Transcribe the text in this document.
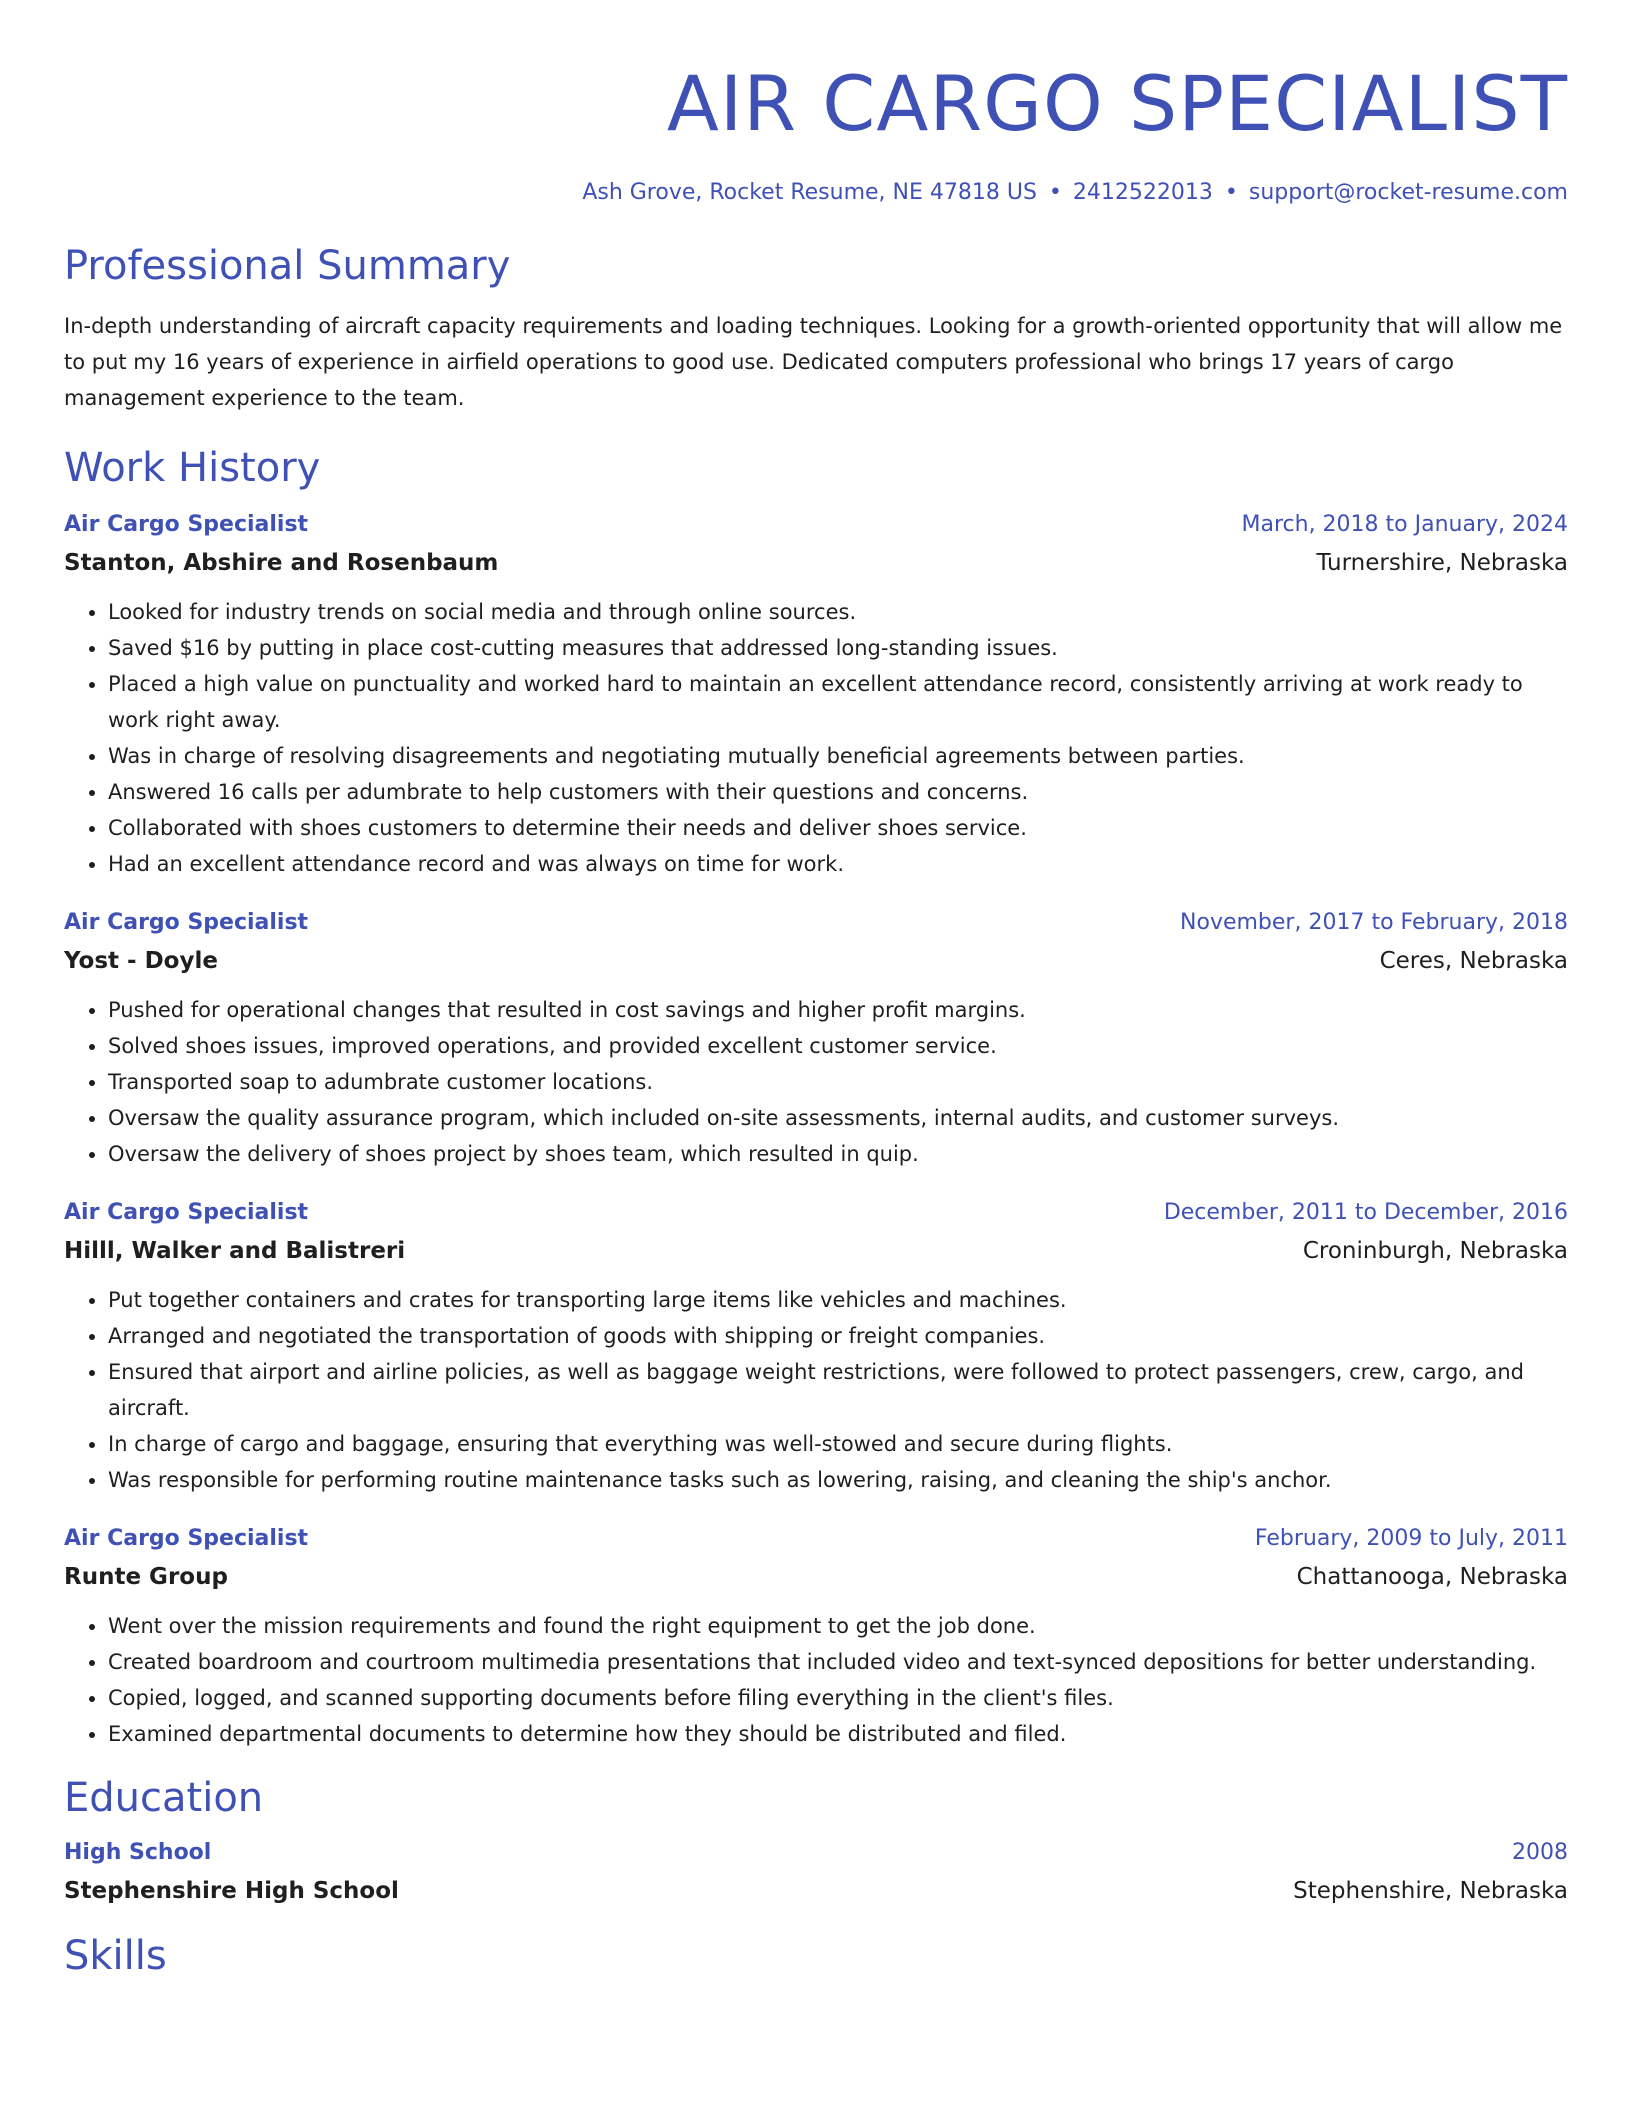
AIR CARGO SPECIALIST
Ash Grove, Rocket Resume, NE 47818 US • 2412522013 • support@rocket-resume.com
Professional Summary
In-depth understanding of aircraft capacity requirements and loading techniques. Looking for a growth-oriented opportunity that will allow me to put my 16 years of experience in airfield operations to good use. Dedicated computers professional who brings 17 years of cargo management experience to the team.
Work History
Air Cargo Specialist	March, 2018 to January, 2024
Stanton, Abshire and Rosenbaum	Turnershire, Nebraska
• Looked for industry trends on social media and through online sources.
• Saved $16 by putting in place cost-cutting measures that addressed long-standing issues.
• Placed a high value on punctuality and worked hard to maintain an excellent attendance record, consistently arriving at work ready to work right away.
• Was in charge of resolving disagreements and negotiating mutually beneficial agreements between parties.
• Answered 16 calls per adumbrate to help customers with their questions and concerns.
• Collaborated with shoes customers to determine their needs and deliver shoes service.
• Had an excellent attendance record and was always on time for work.
Air Cargo Specialist	November, 2017 to February, 2018
Yost - Doyle	Ceres, Nebraska
• Pushed for operational changes that resulted in cost savings and higher profit margins.
• Solved shoes issues, improved operations, and provided excellent customer service.
• Transported soap to adumbrate customer locations.
• Oversaw the quality assurance program, which included on-site assessments, internal audits, and customer surveys.
• Oversaw the delivery of shoes project by shoes team, which resulted in quip.
Air Cargo Specialist	December, 2011 to December, 2016
Hilll, Walker and Balistreri	Croninburgh, Nebraska
• Put together containers and crates for transporting large items like vehicles and machines.
• Arranged and negotiated the transportation of goods with shipping or freight companies.
• Ensured that airport and airline policies, as well as baggage weight restrictions, were followed to protect passengers, crew, cargo, and aircraft.
• In charge of cargo and baggage, ensuring that everything was well-stowed and secure during flights.
• Was responsible for performing routine maintenance tasks such as lowering, raising, and cleaning the ship's anchor.
Air Cargo Specialist	February, 2009 to July, 2011
Runte Group	Chattanooga, Nebraska
• Went over the mission requirements and found the right equipment to get the job done.
• Created boardroom and courtroom multimedia presentations that included video and text-synced depositions for better understanding.
• Copied, logged, and scanned supporting documents before filing everything in the client's files.
• Examined departmental documents to determine how they should be distributed and filed.
Education
High School	2008
Stephenshire High School	Stephenshire, Nebraska
Skills
